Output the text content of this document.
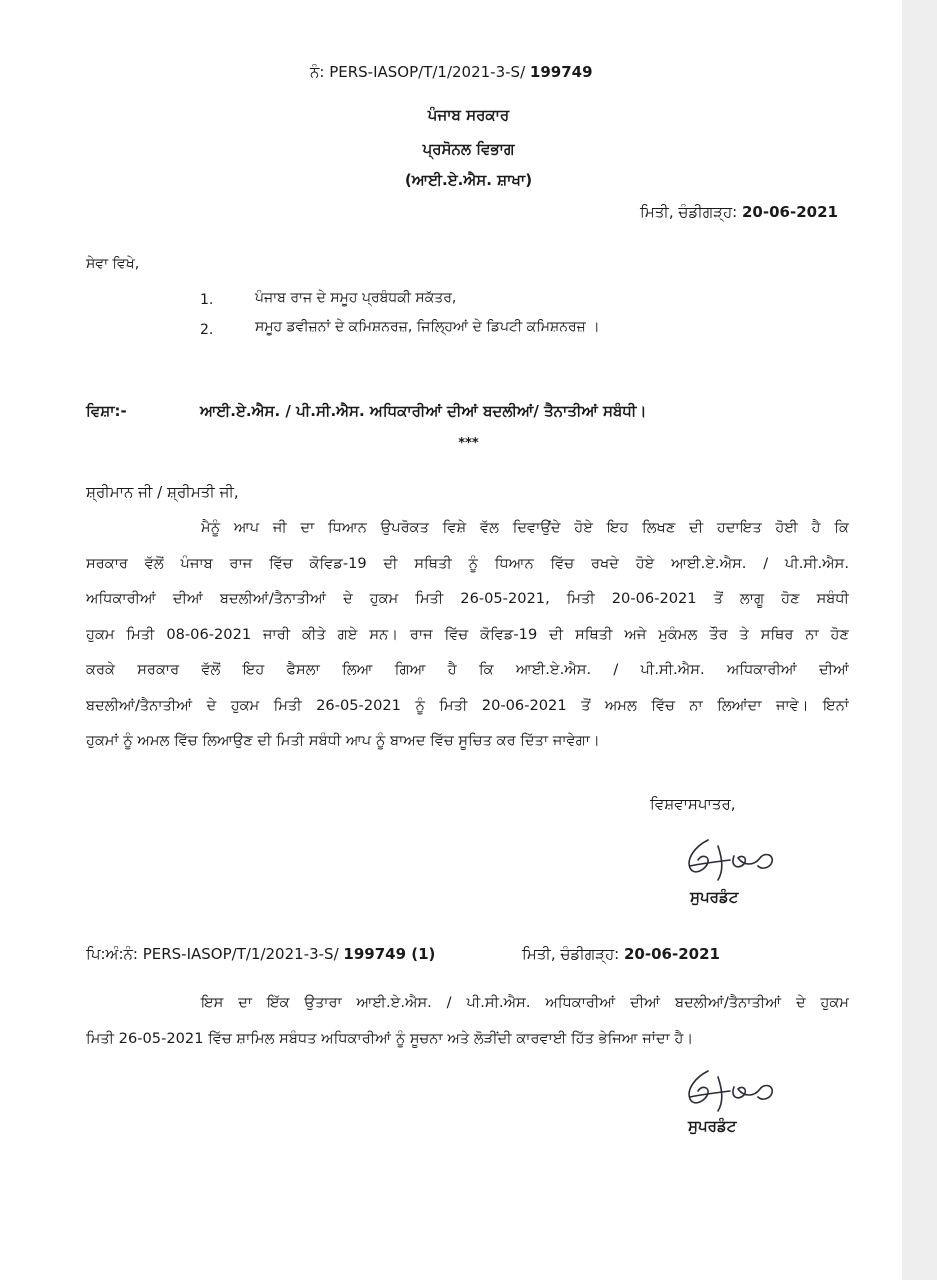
ਨੰ: PERS-IASOP/T/1/2021-3-S/ 199749
ਪੰਜਾਬ ਸਰਕਾਰ
ਪ੍ਰਸੋਨਲ ਵਿਭਾਗ
(ਆਈ.ਏ.ਐਸ. ਸ਼ਾਖਾ)
ਮਿਤੀ, ਚੰਡੀਗੜ੍ਹ: 20-06-2021
ਸੇਵਾ ਵਿਖੇ,
1.	ਪੰਜਾਬ ਰਾਜ ਦੇ ਸਮੂਹ ਪ੍ਰਬੰਧਕੀ ਸਕੱਤਰ,
2.	ਸਮੂਹ ਡਵੀਜ਼ਨਾਂ ਦੇ ਕਮਿਸ਼ਨਰਜ਼, ਜਿਲ੍ਹਿਆਂ ਦੇ ਡਿਪਟੀ ਕਮਿਸ਼ਨਰਜ਼ ।
ਵਿਸ਼ਾ:-	ਆਈ.ਏ.ਐਸ. / ਪੀ.ਸੀ.ਐਸ. ਅਧਿਕਾਰੀਆਂ ਦੀਆਂ ਬਦਲੀਆਂ/ ਤੈਨਾਤੀਆਂ ਸਬੰਧੀ।
***
ਸ਼੍ਰੀਮਾਨ ਜੀ / ਸ਼੍ਰੀਮਤੀ ਜੀ,
ਮੈਨੂੰ ਆਪ ਜੀ ਦਾ ਧਿਆਨ ਉਪਰੋਕਤ ਵਿਸ਼ੇ ਵੱਲ ਦਿਵਾਉਂਦੇ ਹੋਏ ਇਹ ਲਿਖਣ ਦੀ ਹਦਾਇਤ ਹੋਈ ਹੈ ਕਿ
ਸਰਕਾਰ ਵੱਲੋਂ ਪੰਜਾਬ ਰਾਜ ਵਿੱਚ ਕੋਵਿਡ-19 ਦੀ ਸਥਿਤੀ ਨੂੰ ਧਿਆਨ ਵਿੱਚ ਰਖਦੇ ਹੋਏ ਆਈ.ਏ.ਐਸ. / ਪੀ.ਸੀ.ਐਸ.
ਅਧਿਕਾਰੀਆਂ ਦੀਆਂ ਬਦਲੀਆਂ/ਤੈਨਾਤੀਆਂ ਦੇ ਹੁਕਮ ਮਿਤੀ 26-05-2021, ਮਿਤੀ 20-06-2021 ਤੋਂ ਲਾਗੂ ਹੋਣ ਸਬੰਧੀ
ਹੁਕਮ ਮਿਤੀ 08-06-2021 ਜਾਰੀ ਕੀਤੇ ਗਏ ਸਨ। ਰਾਜ ਵਿੱਚ ਕੋਵਿਡ-19 ਦੀ ਸਥਿਤੀ ਅਜੇ ਮੁਕੰਮਲ ਤੌਰ ਤੇ ਸਥਿਰ ਨਾ ਹੋਣ
ਕਰਕੇ ਸਰਕਾਰ ਵੱਲੋਂ ਇਹ ਫੈਸਲਾ ਲਿਆ ਗਿਆ ਹੈ ਕਿ ਆਈ.ਏ.ਐਸ. / ਪੀ.ਸੀ.ਐਸ. ਅਧਿਕਾਰੀਆਂ ਦੀਆਂ
ਬਦਲੀਆਂ/ਤੈਨਾਤੀਆਂ ਦੇ ਹੁਕਮ ਮਿਤੀ 26-05-2021 ਨੂੰ ਮਿਤੀ 20-06-2021 ਤੋਂ ਅਮਲ ਵਿੱਚ ਨਾ ਲਿਆਂਦਾ ਜਾਵੇ। ਇਨਾਂ
ਹੁਕਮਾਂ ਨੂੰ ਅਮਲ ਵਿੱਚ ਲਿਆਉਣ ਦੀ ਮਿਤੀ ਸਬੰਧੀ ਆਪ ਨੂੰ ਬਾਅਦ ਵਿੱਚ ਸੂਚਿਤ ਕਰ ਦਿੱਤਾ ਜਾਵੇਗਾ।
ਵਿਸ਼ਵਾਸਪਾਤਰ,
ਸੁਪਰਡੰਟ
ਪਿ:ਅੰ:ਨੰ: PERS-IASOP/T/1/2021-3-S/ 199749 (1)	ਮਿਤੀ, ਚੰਡੀਗੜ੍ਹ: 20-06-2021
ਇਸ ਦਾ ਇੱਕ ਉਤਾਰਾ ਆਈ.ਏ.ਐਸ. / ਪੀ.ਸੀ.ਐਸ. ਅਧਿਕਾਰੀਆਂ ਦੀਆਂ ਬਦਲੀਆਂ/ਤੈਨਾਤੀਆਂ ਦੇ ਹੁਕਮ
ਮਿਤੀ 26-05-2021 ਵਿੱਚ ਸ਼ਾਮਿਲ ਸਬੰਧਤ ਅਧਿਕਾਰੀਆਂ ਨੂੰ ਸੂਚਨਾ ਅਤੇ ਲੋੜੀਂਦੀ ਕਾਰਵਾਈ ਹਿੱਤ ਭੇਜਿਆ ਜਾਂਦਾ ਹੈ।
ਸੁਪਰਡੰਟ
